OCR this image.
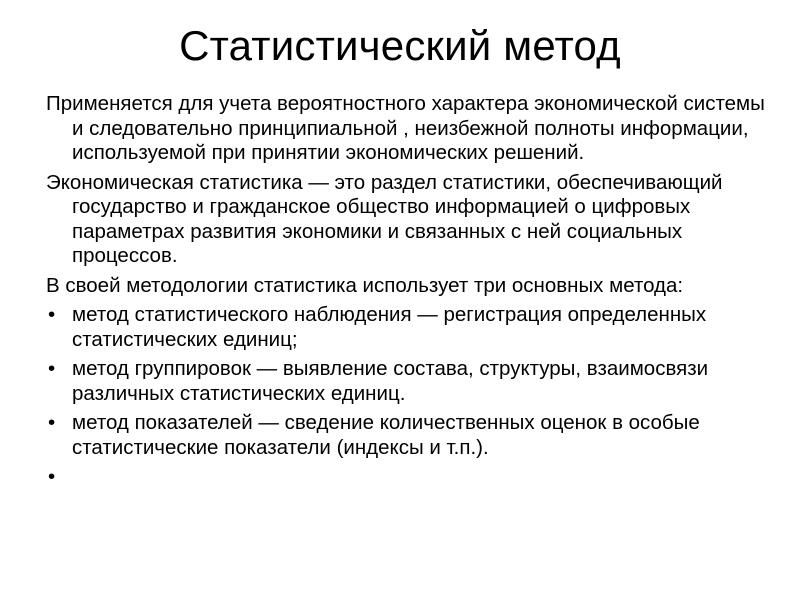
Статистический метод

Применяется для учета вероятностного характера экономической системы и следовательно принципиальной , неизбежной полноты информации, используемой при принятии экономических решений.

Экономическая статистика — это раздел статистики, обеспечивающий государство и гражданское общество информацией о цифровых параметрах развития экономики и связанных с ней социальных процессов.

В своей методологии статистика использует три основных метода:

• метод статистического наблюдения — регистрация определенных статистических единиц;
• метод группировок — выявление состава, структуры, взаимосвязи различных статистических единиц.
• метод показателей — сведение количественных оценок в особые статистические показатели (индексы и т.п.).
•
